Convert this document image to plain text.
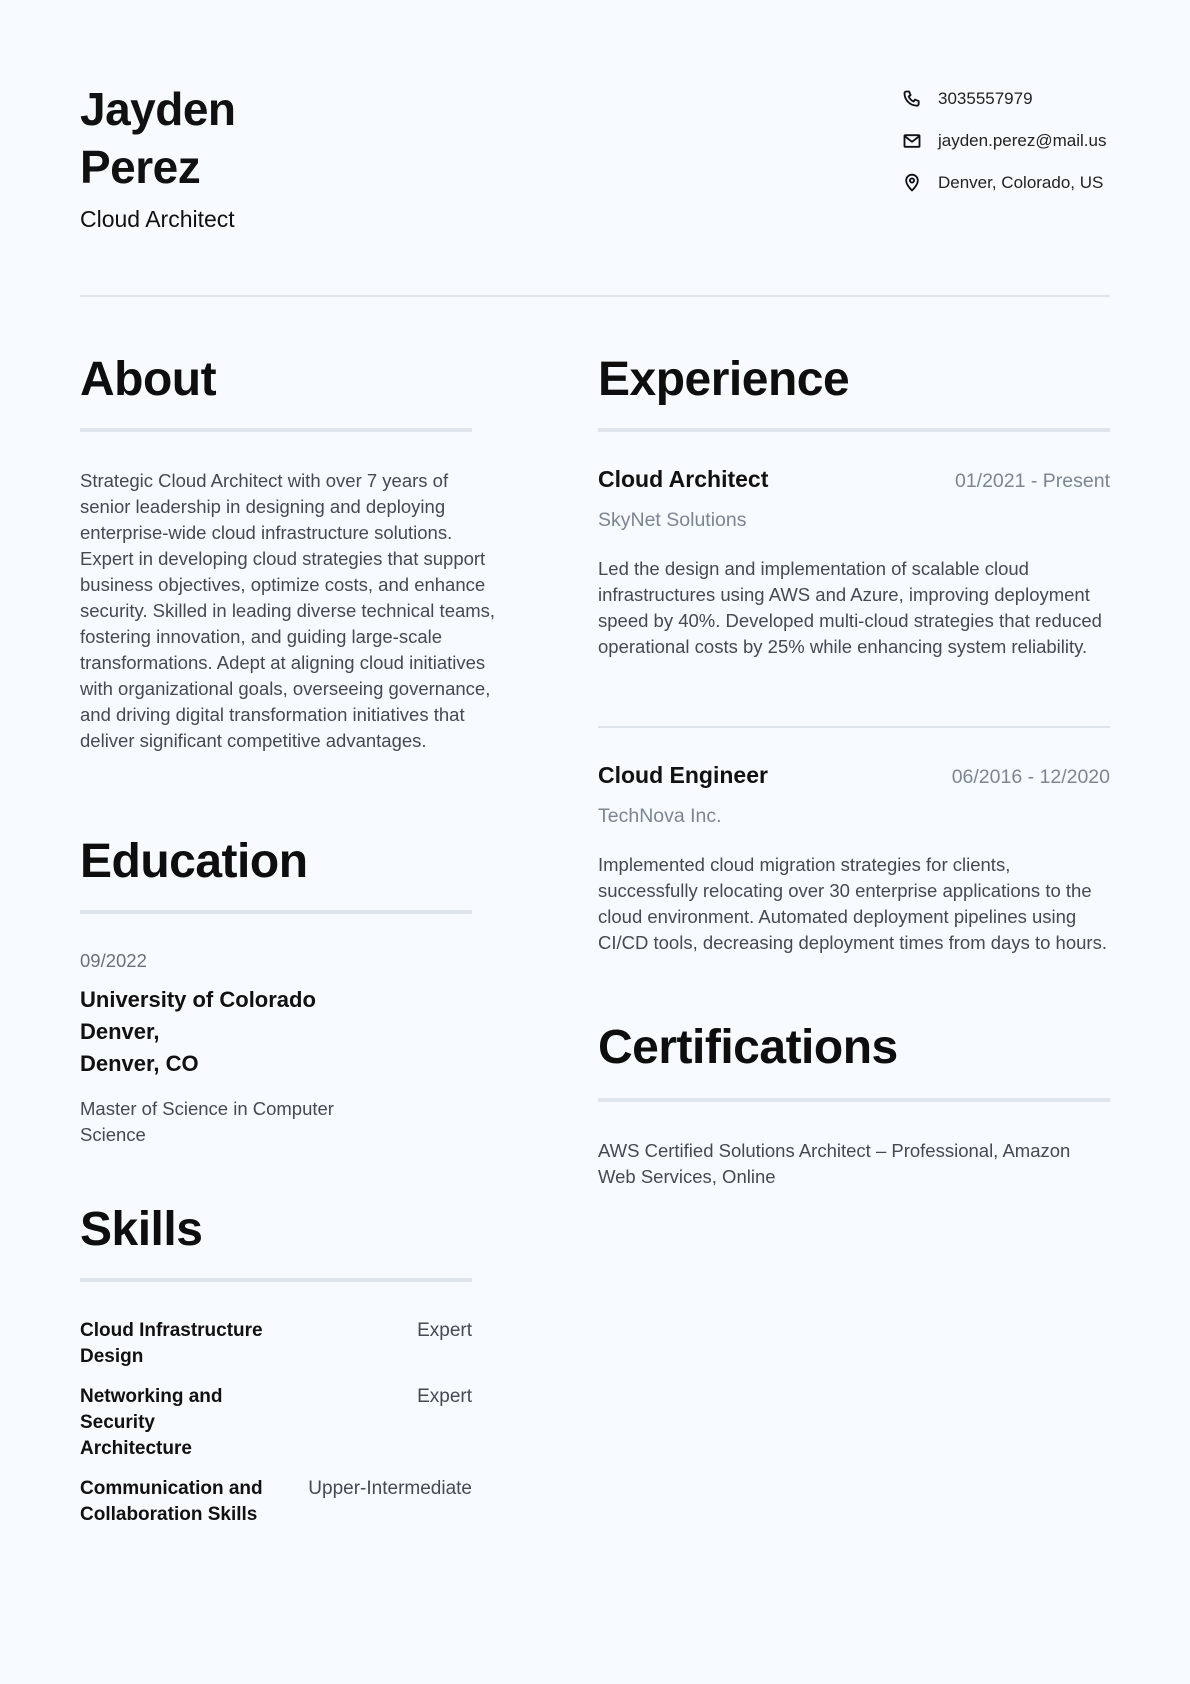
Jayden
Perez
Cloud Architect
3035557979
jayden.perez@mail.us
Denver, Colorado, US
About
Strategic Cloud Architect with over 7 years of senior leadership in designing and deploying enterprise-wide cloud infrastructure solutions. Expert in developing cloud strategies that support business objectives, optimize costs, and enhance security. Skilled in leading diverse technical teams, fostering innovation, and guiding large-scale transformations. Adept at aligning cloud initiatives with organizational goals, overseeing governance, and driving digital transformation initiatives that deliver significant competitive advantages.
Education
09/2022
University of Colorado
Denver,
Denver, CO
Master of Science in Computer Science
Skills
Cloud Infrastructure Design
Expert
Networking and Security Architecture
Expert
Communication and Collaboration Skills
Upper-Intermediate
Experience
Cloud Architect	01/2021 - Present
SkyNet Solutions
Led the design and implementation of scalable cloud infrastructures using AWS and Azure, improving deployment speed by 40%. Developed multi-cloud strategies that reduced operational costs by 25% while enhancing system reliability.
Cloud Engineer	06/2016 - 12/2020
TechNova Inc.
Implemented cloud migration strategies for clients, successfully relocating over 30 enterprise applications to the cloud environment. Automated deployment pipelines using CI/CD tools, decreasing deployment times from days to hours.
Certifications
AWS Certified Solutions Architect – Professional, Amazon Web Services, Online
